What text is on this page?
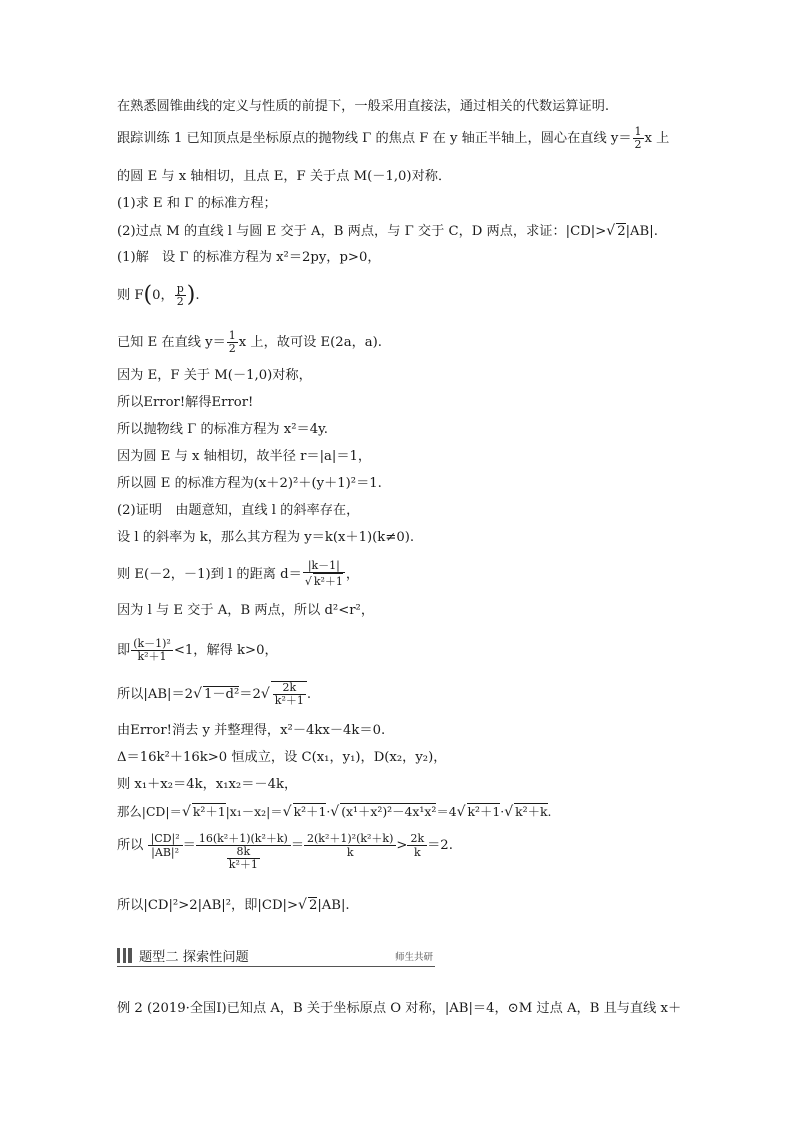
在熟悉圆锥曲线的定义与性质的前提下，一般采用直接法，通过相关的代数运算证明.
跟踪训练 1 已知顶点是坐标原点的抛物线 Γ 的焦点 F 在 y 轴正半轴上，圆心在直线 $y= \frac{1}{2}$ x 上
的圆 E 与 x 轴相切，且点 E，F 关于点 M(－1,0)对称．
(1)求 E 和 Γ 的标准方程；
(2)过点 M 的直线 l 与圆 E 交于 A，B 两点，与 Γ 交于 C，D 两点，求证：|CD|>√ 2|AB|.
(1)解　设 Γ 的标准方程为 x²＝2py，p>0，
则 F(0， $\frac{p}{2}$ ).
已知 E 在直线 $y= \frac{1}{2}$ x 上，故可设 E(2a，a).
因为 E，F 关于 M(－1,0)对称，
所以Error!解得Error!
所以抛物线 Γ 的标准方程为 x²＝4y.
因为圆 E 与 x 轴相切，故半径 r＝|a|＝1，
所以圆 E 的标准方程为(x＋2)²＋(y＋1)²＝1.
(2)证明　由题意知，直线 l 的斜率存在，
设 l 的斜率为 k，那么其方程为 y＝k(x＋1)(k≠0).
则 E(－2，－1)到 l 的距离 $d= \frac{|k-1|}{\text{√ k²＋1}}$ ，
因为 l 与 E 交于 A，B 两点，所以 d²<r²，
即 $\frac{\text{(k－1)²}}{\text{k²＋1}} <1$，解得 k>0，
所以|AB|＝2√ $1-d^2=2√ \frac{2k}{\text{k²＋1}}$ .
由Error!消去 y 并整理得，x²－4kx－4k＝0.
Δ＝16k²＋16k>0 恒成立，设 C(x₁，y₁)，D(x₂，y₂)，
则 x₁＋x₂＝4k，x₁x₂＝－4k，
那么|CD|＝√ k²＋1|x₁－x₂|＝√ k²＋1·√ (x¹＋x²)²－4x¹x²＝4√ k²＋1·√ k²＋k.
所以 $\frac{\text{|CD|²}}{\text{|AB|²}} = \frac{\text{16(k²＋1)(k²＋k)}}{\frac{8k}{\text{k²＋1}}} = \frac{\text{2(k²＋1)²(k²＋k)}}{k} > \frac{2k}{k} =2$.
所以|CD|²>2|AB|²，即|CD|>√ 2|AB|.
题型二 探索性问题	师生共研
例 2 (2019·全国Ⅰ)已知点 A，B 关于坐标原点 O 对称，|AB|＝4，⊙M 过点 A，B 且与直线 x＋
